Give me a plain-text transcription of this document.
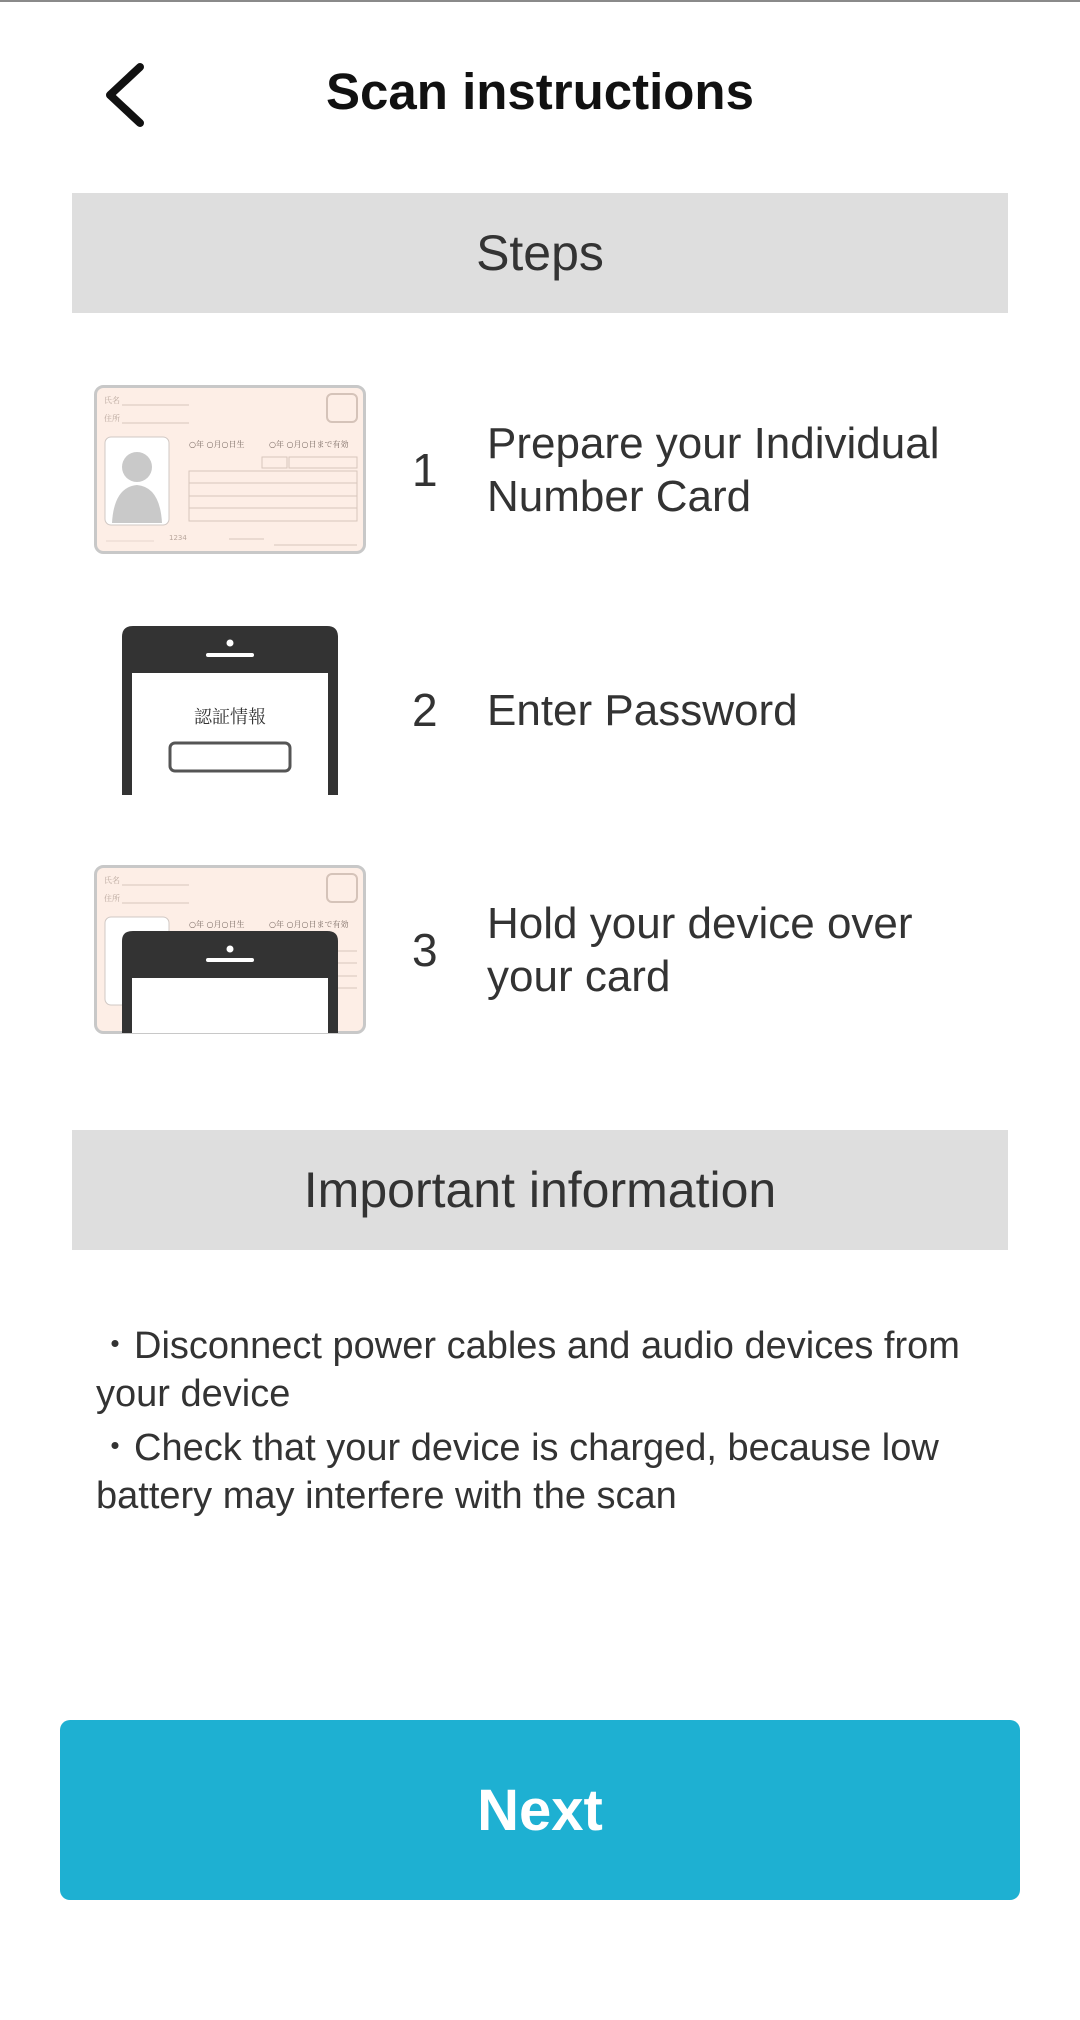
Scan instructions
Steps
氏名
住所
○年 ○月○日生	○年 ○月○日まで有効
1234
1
Prepare your Individual Number Card
認証情報	2 Enter Password
氏名
住所
○年 ○月○日生	○年 ○月○日まで有効 3
Hold your device over your card
Important information

・Disconnect power cables and audio devices from your device

・Check that your device is charged, because low battery may interfere with the scan

Next
